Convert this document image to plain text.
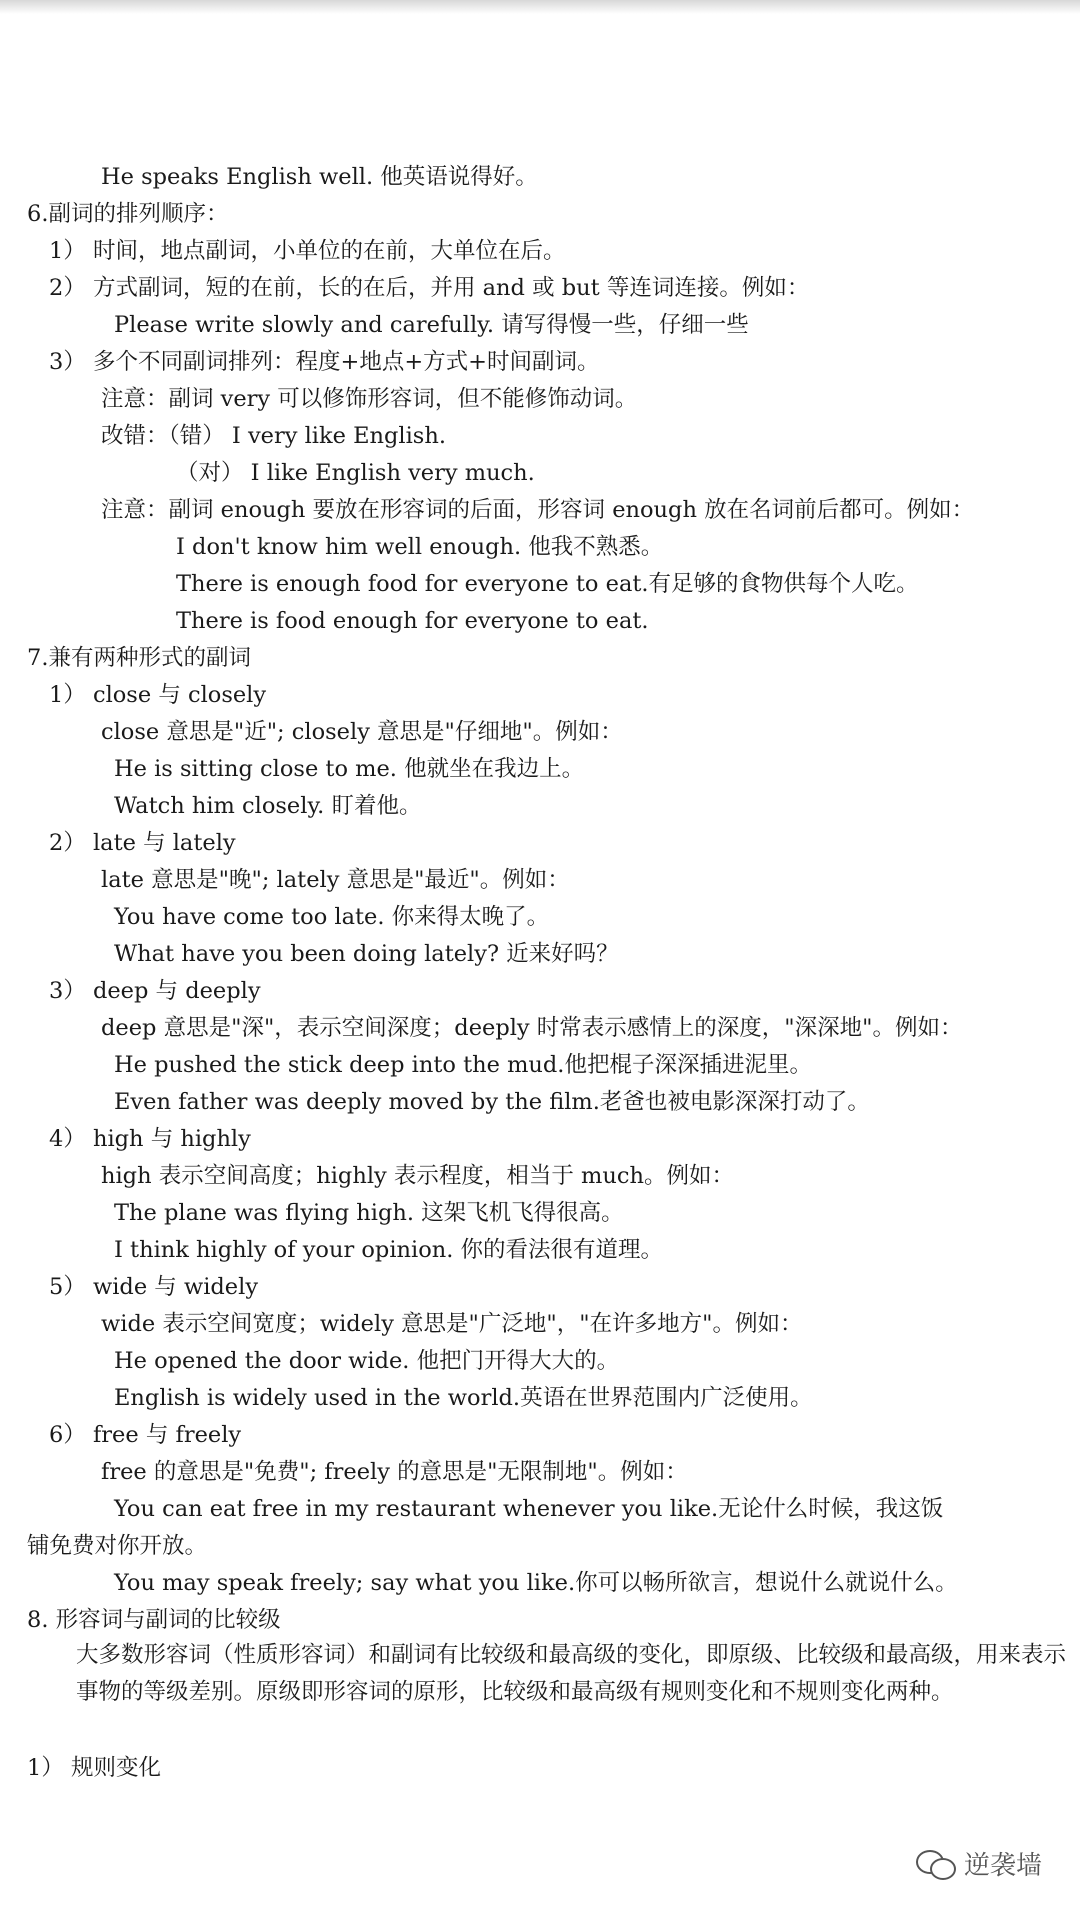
He speaks English well. 他英语说得好。
6.副词的排列顺序：
1） 时间，地点副词，小单位的在前，大单位在后。
2） 方式副词，短的在前，长的在后，并用 and 或 but 等连词连接。例如：
Please write slowly and carefully. 请写得慢一些，仔细一些
3） 多个不同副词排列：程度+地点+方式+时间副词。
注意：副词 very 可以修饰形容词，但不能修饰动词。
改错：（错） I very like English.
（对） I like English very much.
注意：副词 enough 要放在形容词的后面，形容词 enough 放在名词前后都可。例如：
I don't know him well enough. 他我不熟悉。
There is enough food for everyone to eat.有足够的食物供每个人吃。
There is food enough for everyone to eat.
7.兼有两种形式的副词
1） close 与 closely
close 意思是"近"; closely 意思是"仔细地"。例如：
He is sitting close to me. 他就坐在我边上。
Watch him closely. 盯着他。
2） late 与 lately
late 意思是"晚"; lately 意思是"最近"。例如：
You have come too late. 你来得太晚了。
What have you been doing lately? 近来好吗？
3） deep 与 deeply
deep 意思是"深"，表示空间深度；deeply 时常表示感情上的深度，"深深地"。例如：
He pushed the stick deep into the mud.他把棍子深深插进泥里。
Even father was deeply moved by the film.老爸也被电影深深打动了。
4） high 与 highly
high 表示空间高度；highly 表示程度，相当于 much。例如：
The plane was flying high. 这架飞机飞得很高。
I think highly of your opinion. 你的看法很有道理。
5） wide 与 widely
wide 表示空间宽度；widely 意思是"广泛地"，"在许多地方"。例如：
He opened the door wide. 他把门开得大大的。
English is widely used in the world.英语在世界范围内广泛使用。
6） free 与 freely
free 的意思是"免费"; freely 的意思是"无限制地"。例如：
You can eat free in my restaurant whenever you like.无论什么时候，我这饭
铺免费对你开放。
You may speak freely; say what you like.你可以畅所欲言，想说什么就说什么。
8. 形容词与副词的比较级
大多数形容词（性质形容词）和副词有比较级和最高级的变化，即原级、比较级和最高级，用来表示事物的等级差别。原级即形容词的原形，比较级和最高级有规则变化和不规则变化两种。
1） 规则变化
逆袭墙
